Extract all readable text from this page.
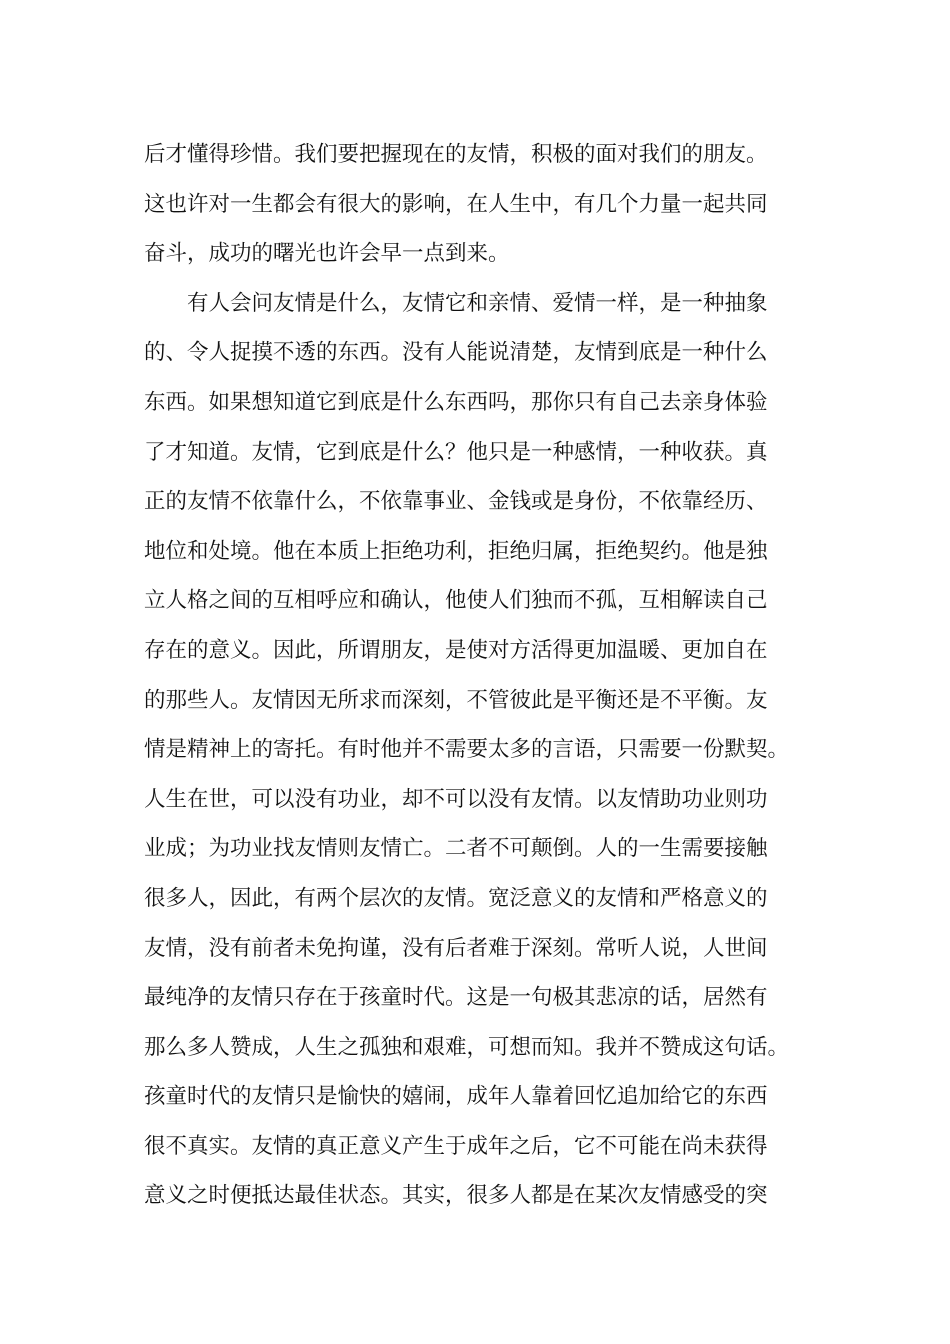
后才懂得珍惜。我们要把握现在的友情，积极的面对我们的朋友。
这也许对一生都会有很大的影响，在人生中，有几个力量一起共同
奋斗，成功的曙光也许会早一点到来。
有人会问友情是什么，友情它和亲情、爱情一样，是一种抽象
的、令人捉摸不透的东西。没有人能说清楚，友情到底是一种什么
东西。如果想知道它到底是什么东西吗，那你只有自己去亲身体验
了才知道。友情，它到底是什么？他只是一种感情，一种收获。真
正的友情不依靠什么，不依靠事业、金钱或是身份，不依靠经历、
地位和处境。他在本质上拒绝功利，拒绝归属，拒绝契约。他是独
立人格之间的互相呼应和确认，他使人们独而不孤，互相解读自己
存在的意义。因此，所谓朋友，是使对方活得更加温暖、更加自在
的那些人。友情因无所求而深刻，不管彼此是平衡还是不平衡。友
情是精神上的寄托。有时他并不需要太多的言语，只需要一份默契。
人生在世，可以没有功业，却不可以没有友情。以友情助功业则功
业成；为功业找友情则友情亡。二者不可颠倒。人的一生需要接触
很多人，因此，有两个层次的友情。宽泛意义的友情和严格意义的
友情，没有前者未免拘谨，没有后者难于深刻。常听人说，人世间
最纯净的友情只存在于孩童时代。这是一句极其悲凉的话，居然有
那么多人赞成，人生之孤独和艰难，可想而知。我并不赞成这句话。
孩童时代的友情只是愉快的嬉闹，成年人靠着回忆追加给它的东西
很不真实。友情的真正意义产生于成年之后，它不可能在尚未获得
意义之时便抵达最佳状态。其实，很多人都是在某次友情感受的突
